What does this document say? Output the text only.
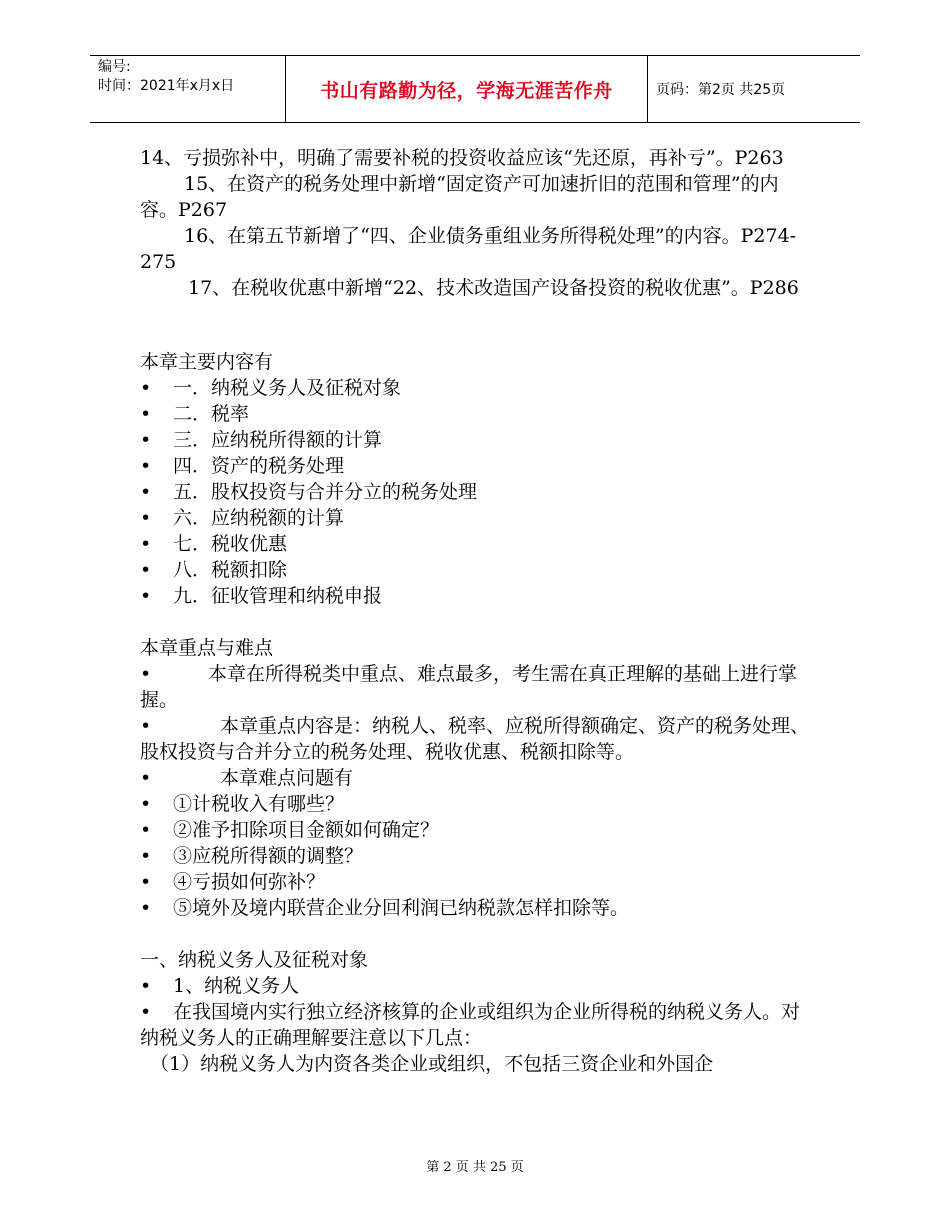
编号:
时间：2021年x月x日	书山有路勤为径，学海无涯苦作舟	页码：第2页 共25页

14、亏损弥补中，明确了需要补税的投资收益应该“先还原，再补亏”。P263

15、在资产的税务处理中新增“固定资产可加速折旧的范围和管理”的内容。P267

16、在第五节新增了“四、企业债务重组业务所得税处理”的内容。P274-275

17、在税收优惠中新增“22、技术改造国产设备投资的税收优惠”。P286

本章主要内容有

•	一．纳税义务人及征税对象
•	二．税率
•	三．应纳税所得额的计算
•	四．资产的税务处理
•	五．股权投资与合并分立的税务处理
•	六．应纳税额的计算
•	七．税收优惠
•	八．税额扣除
•	九．征收管理和纳税申报

本章重点与难点

•	本章在所得税类中重点、难点最多，考生需在真正理解的基础上进行掌握。

•	本章重点内容是：纳税人、税率、应税所得额确定、资产的税务处理、股权投资与合并分立的税务处理、税收优惠、税额扣除等。

•	本章难点问题有

•	①计税收入有哪些？
•	②准予扣除项目金额如何确定？
•	③应税所得额的调整？
•	④亏损如何弥补？
•	⑤境外及境内联营企业分回利润已纳税款怎样扣除等。

一、纳税义务人及征税对象

•	1、纳税义务人

• 在我国境内实行独立经济核算的企业或组织为企业所得税的纳税义务人。对纳税义务人的正确理解要注意以下几点：

（1）纳税义务人为内资各类企业或组织，不包括三资企业和外国企

第 2 页 共 25 页
